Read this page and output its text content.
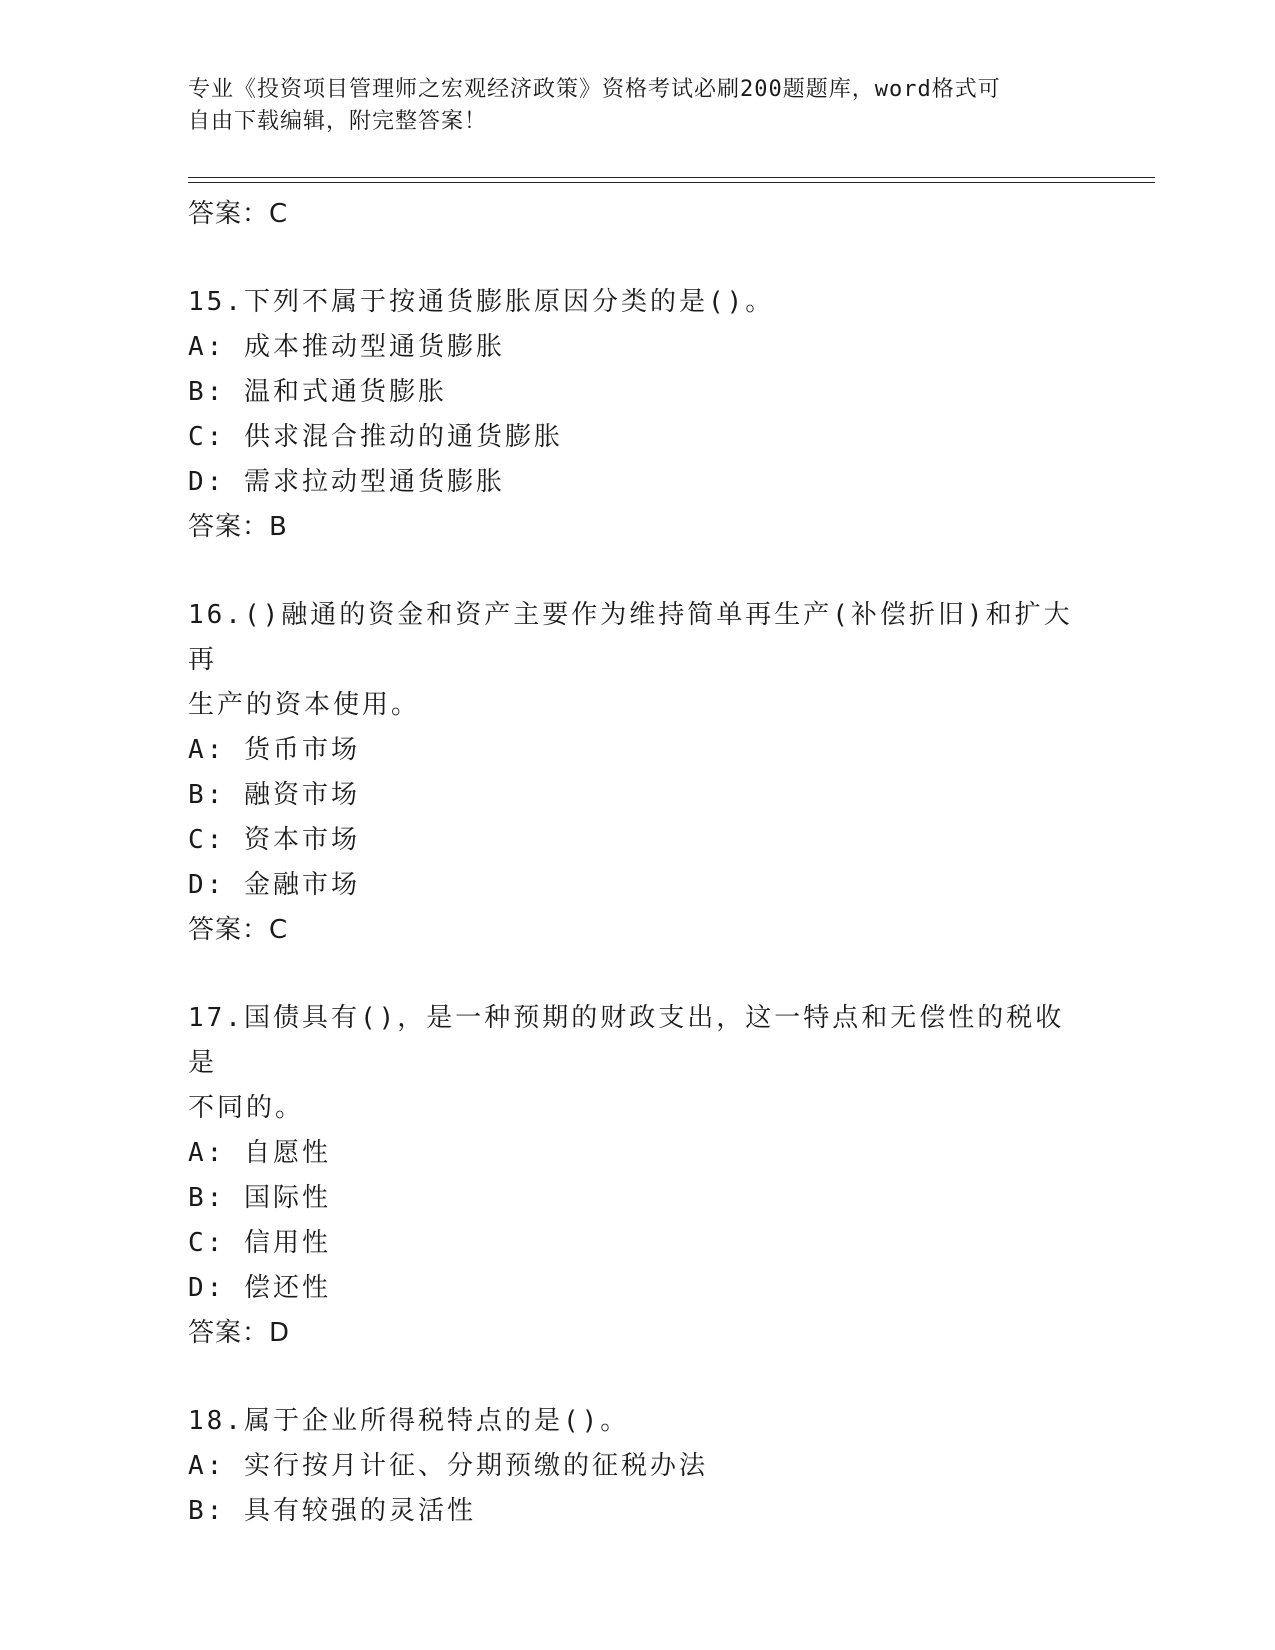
专业《投资项目管理师之宏观经济政策》资格考试必刷200题题库，word格式可
自由下载编辑，附完整答案！
答案：C
15.下列不属于按通货膨胀原因分类的是()。
A: 成本推动型通货膨胀
B: 温和式通货膨胀
C: 供求混合推动的通货膨胀
D: 需求拉动型通货膨胀
答案：B
16.()融通的资金和资产主要作为维持简单再生产(补偿折旧)和扩大再
生产的资本使用。
A: 货币市场
B: 融资市场
C: 资本市场
D: 金融市场
答案：C
17.国债具有()，是一种预期的财政支出，这一特点和无偿性的税收是
不同的。
A: 自愿性
B: 国际性
C: 信用性
D: 偿还性
答案：D
18.属于企业所得税特点的是()。
A: 实行按月计征、分期预缴的征税办法
B: 具有较强的灵活性
